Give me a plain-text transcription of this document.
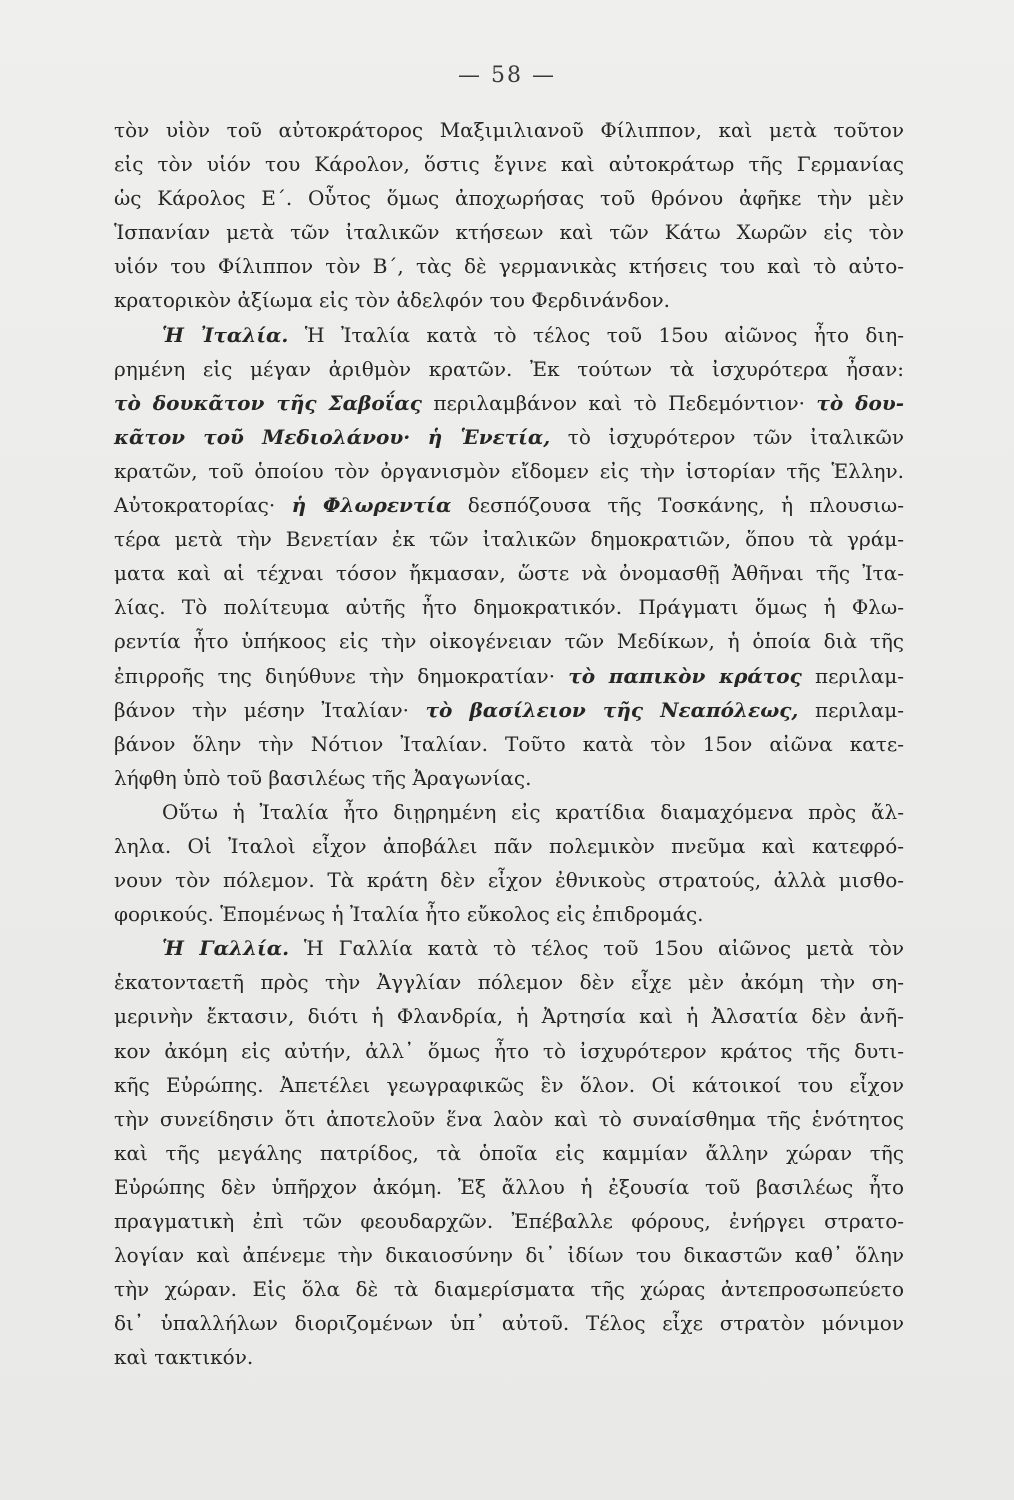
— 58 —
τὸν υἱὸν τοῦ αὐτοκράτορος Μαξιμιλιανοῦ Φίλιππον, καὶ μετὰ τοῦτον
εἰς τὸν υἱόν του Κάρολον, ὅστις ἔγινε καὶ αὐτοκράτωρ τῆς Γερμανίας
ὡς Κάρολος Ε΄. Οὗτος ὅμως ἀποχωρήσας τοῦ θρόνου ἀφῆκε τὴν μὲν
Ἱσπανίαν μετὰ τῶν ἰταλικῶν κτήσεων καὶ τῶν Κάτω Χωρῶν εἰς τὸν
υἱόν του Φίλιππον τὸν Β΄, τὰς δὲ γερμανικὰς κτήσεις του καὶ τὸ αὐτο-
κρατορικὸν ἀξίωμα εἰς τὸν ἀδελφόν του Φερδινάνδον.
Ἡ Ἰταλία. Ἡ Ἰταλία κατὰ τὸ τέλος τοῦ 15ου αἰῶνος ἦτο διη-
ρημένη εἰς μέγαν ἀριθμὸν κρατῶν. Ἐκ τούτων τὰ ἰσχυρότερα ἦσαν:
τὸ δουκᾶτον τῆς Σαβοΐας περιλαμβάνον καὶ τὸ Πεδεμόντιον· τὸ δου-
κᾶτον τοῦ Μεδιολάνου· ἡ Ἑνετία, τὸ ἰσχυρότερον τῶν ἰταλικῶν
κρατῶν, τοῦ ὁποίου τὸν ὀργανισμὸν εἴδομεν εἰς τὴν ἱστορίαν τῆς Ἑλλην.
Αὐτοκρατορίας· ἡ Φλωρεντία δεσπόζουσα τῆς Τοσκάνης, ἡ πλουσιω-
τέρα μετὰ τὴν Βενετίαν ἐκ τῶν ἰταλικῶν δημοκρατιῶν, ὅπου τὰ γράμ-
ματα καὶ αἱ τέχναι τόσον ἤκμασαν, ὥστε νὰ ὀνομασθῇ Ἀθῆναι τῆς Ἰτα-
λίας. Τὸ πολίτευμα αὐτῆς ἦτο δημοκρατικόν. Πράγματι ὅμως ἡ Φλω-
ρεντία ἦτο ὑπήκοος εἰς τὴν οἰκογένειαν τῶν Μεδίκων, ἡ ὁποία διὰ τῆς
ἐπιρροῆς της διηύθυνε τὴν δημοκρατίαν· τὸ παπικὸν κράτος περιλαμ-
βάνον τὴν μέσην Ἰταλίαν· τὸ βασίλειον τῆς Νεαπόλεως, περιλαμ-
βάνον ὅλην τὴν Νότιον Ἰταλίαν. Τοῦτο κατὰ τὸν 15ον αἰῶνα κατε-
λήφθη ὑπὸ τοῦ βασιλέως τῆς Ἀραγωνίας.
Οὕτω ἡ Ἰταλία ἦτο διῃρημένη εἰς κρατίδια διαμαχόμενα πρὸς ἄλ-
ληλα. Οἱ Ἰταλοὶ εἶχον ἀποβάλει πᾶν πολεμικὸν πνεῦμα καὶ κατεφρό-
νουν τὸν πόλεμον. Τὰ κράτη δὲν εἶχον ἐθνικοὺς στρατούς, ἀλλὰ μισθο-
φορικούς. Ἑπομένως ἡ Ἰταλία ἦτο εὔκολος εἰς ἐπιδρομάς.
Ἡ Γαλλία. Ἡ Γαλλία κατὰ τὸ τέλος τοῦ 15ου αἰῶνος μετὰ τὸν
ἑκατονταετῆ πρὸς τὴν Ἀγγλίαν πόλεμον δὲν εἶχε μὲν ἀκόμη τὴν ση-
μερινὴν ἔκτασιν, διότι ἡ Φλανδρία, ἡ Ἀρτησία καὶ ἡ Ἀλσατία δὲν ἀνῆ-
κον ἀκόμη εἰς αὐτήν, ἀλλ᾿ ὅμως ἦτο τὸ ἰσχυρότερον κράτος τῆς δυτι-
κῆς Εὐρώπης. Ἀπετέλει γεωγραφικῶς ἓν ὅλον. Οἱ κάτοικοί του εἶχον
τὴν συνείδησιν ὅτι ἀποτελοῦν ἕνα λαὸν καὶ τὸ συναίσθημα τῆς ἑνότητος
καὶ τῆς μεγάλης πατρίδος, τὰ ὁποῖα εἰς καμμίαν ἄλλην χώραν τῆς
Εὐρώπης δὲν ὑπῆρχον ἀκόμη. Ἐξ ἄλλου ἡ ἐξουσία τοῦ βασιλέως ἦτο
πραγματικὴ ἐπὶ τῶν φεουδαρχῶν. Ἐπέβαλλε φόρους, ἐνήργει στρατο-
λογίαν καὶ ἀπένεμε τὴν δικαιοσύνην δι᾿ ἰδίων του δικαστῶν καθ᾿ ὅλην
τὴν χώραν. Εἰς ὅλα δὲ τὰ διαμερίσματα τῆς χώρας ἀντεπροσωπεύετο
δι᾿ ὑπαλλήλων διοριζομένων ὑπ᾿ αὐτοῦ. Τέλος εἶχε στρατὸν μόνιμον
καὶ τακτικόν.
